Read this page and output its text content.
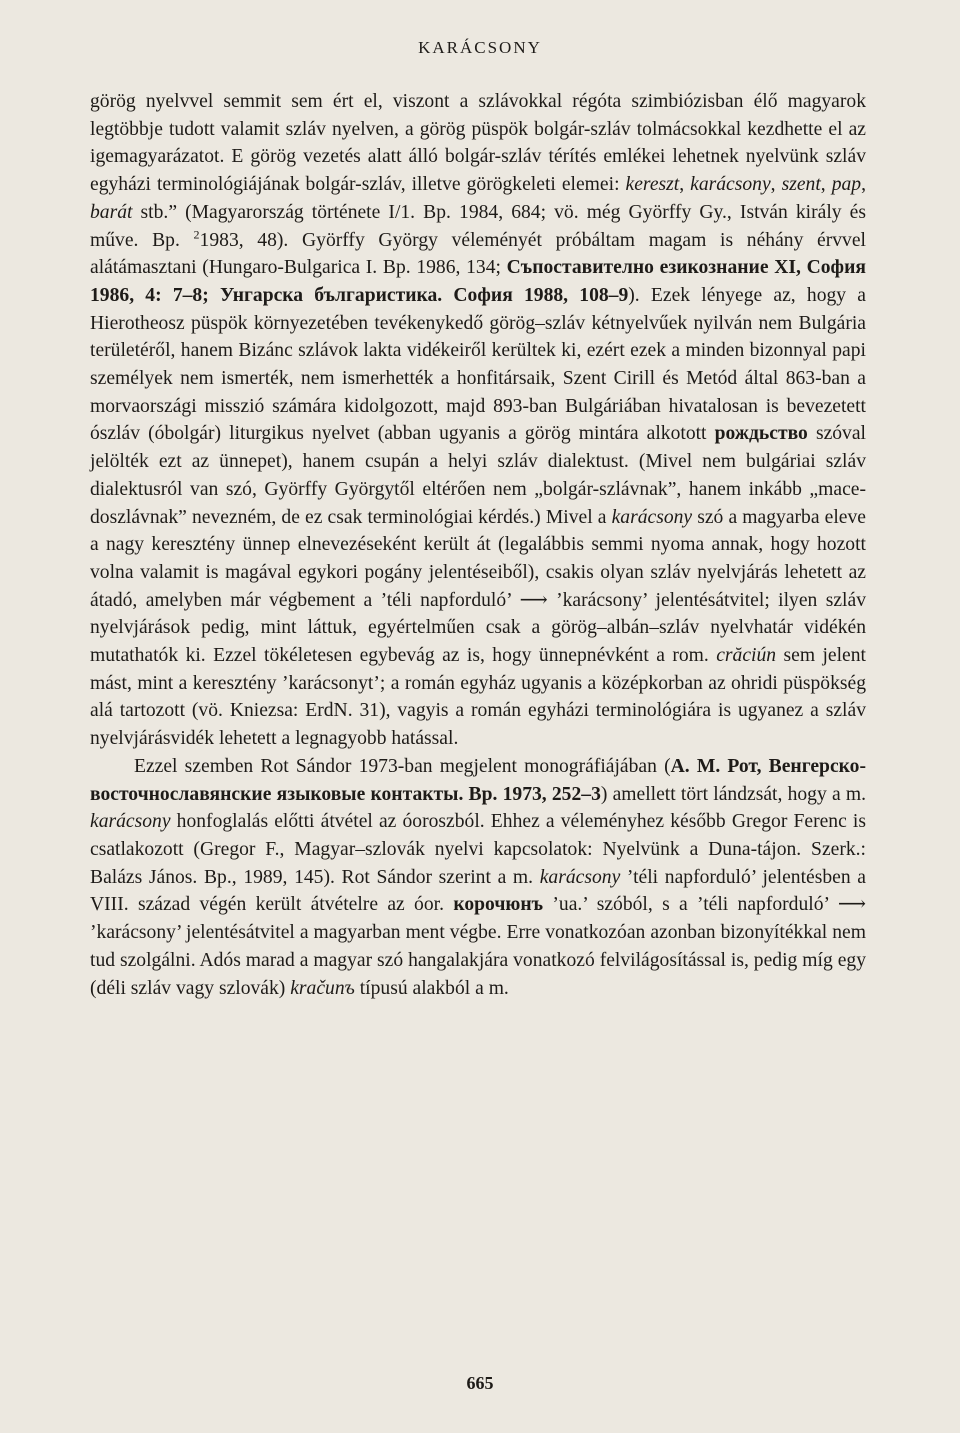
KARÁCSONY

görög nyelvvel semmit sem ért el, viszont a szlávokkal régóta szimbiózisban élő magyarok legtöbbje tudott valamit szláv nyelven, a görög püspök bolgár-szláv tolmácsokkal kezdhette el az igemagyarázatot. E görög vezetés alatt álló bolgár-szláv térítés emlékei lehetnek nyelvünk szláv egyházi terminológiájának bolgár-szláv, illetve görögkeleti elemei: kereszt, karácsony, szent, pap, barát stb.” (Magyarország története I/1. Bp. 1984, 684; vö. még Györffy Gy., István király és műve. Bp. $^2$1983, 48). Györffy György véleményét próbáltam magam is néhány érvvel alátámasztani (Hungaro-Bulgarica I. Bp. 1986, 134; Съпоставително езикознание XI, София 1986, 4: 7–8; Унгарска българистика. София 1988, 108–9). Ezek lényege az, hogy a Hierotheosz püspök környezetében tevékenykedő görög–szláv kétnyelvűek nyilván nem Bulgária területéről, hanem Bizánc szlávok lakta vidékeiről kerültek ki, ezért ezek a minden bizonnyal papi személyek nem ismerték, nem ismerhették a honfitársaik, Szent Cirill és Metód által 863-ban a morvaországi misszió számára kidolgozott, majd 893-ban Bulgáriában hivatalosan is bevezetett ószláv (óbolgár) liturgikus nyelvet (abban ugyanis a görög mintára alkotott рождьство szóval jelölték ezt az ünnepet), hanem csupán a helyi szláv dialektust. (Mivel nem bulgáriai szláv dialektusról van szó, Györffy Györgytől eltérően nem „bolgár-szlávnak”, hanem inkább „macedoszlávnak” nevezném, de ez csak terminológiai kérdés.) Mivel a karácsony szó a magyarba eleve a nagy keresztény ünnep elnevezéseként került át (legalábbis semmi nyoma annak, hogy hozott volna valamit is magával egykori pogány jelentéseiből), csakis olyan szláv nyelvjárás lehetett az átadó, amelyben már végbement a ’téli napforduló’ ⟶ ’karácsony’ jelentésátvitel; ilyen szláv nyelvjárások pedig, mint láttuk, egyértelműen csak a görög–albán–szláv nyelvhatár vidékén mutathatók ki. Ezzel tökéletesen egybevág az is, hogy ünnepnévként a rom. crăciún sem jelent mást, mint a keresztény ’karácsonyt’; a román egyház ugyanis a középkorban az ohridi püspökség alá tartozott (vö. Kniezsa: ErdN. 31), vagyis a román egyházi terminológiára is ugyanez a szláv nyelvjárásvidék lehetett a legnagyobb hatással.

Ezzel szemben Rot Sándor 1973-ban megjelent monográfiájában (А. М. Рот, Венгерско-восточнославянские языковые контакты. Вр. 1973, 252–3) amellett tört lándzsát, hogy a m. karácsony honfoglalás előtti átvétel az óoroszból. Ehhez a véleményhez később Gregor Ferenc is csatlakozott (Gregor F., Magyar–szlovák nyelvi kapcsolatok: Nyelvünk a Duna-tájon. Szerk.: Balázs János. Bp., 1989, 145). Rot Sándor szerint a m. karácsony ’téli napforduló’ jelentésben a VIII. század végén került átvételre az óor. корочюнъ ’ua.’ szóból, s a ’téli napforduló’ ⟶ ’karácsony’ jelentésátvitel a magyarban ment végbe. Erre vonatkozóan azonban bizonyítékkal nem tud szolgálni. Adós marad a magyar szó hangalakjára vonatkozó felvilágosítással is, pedig míg egy (déli szláv vagy szlovák) kračunъ típusú alakból a m.

665
